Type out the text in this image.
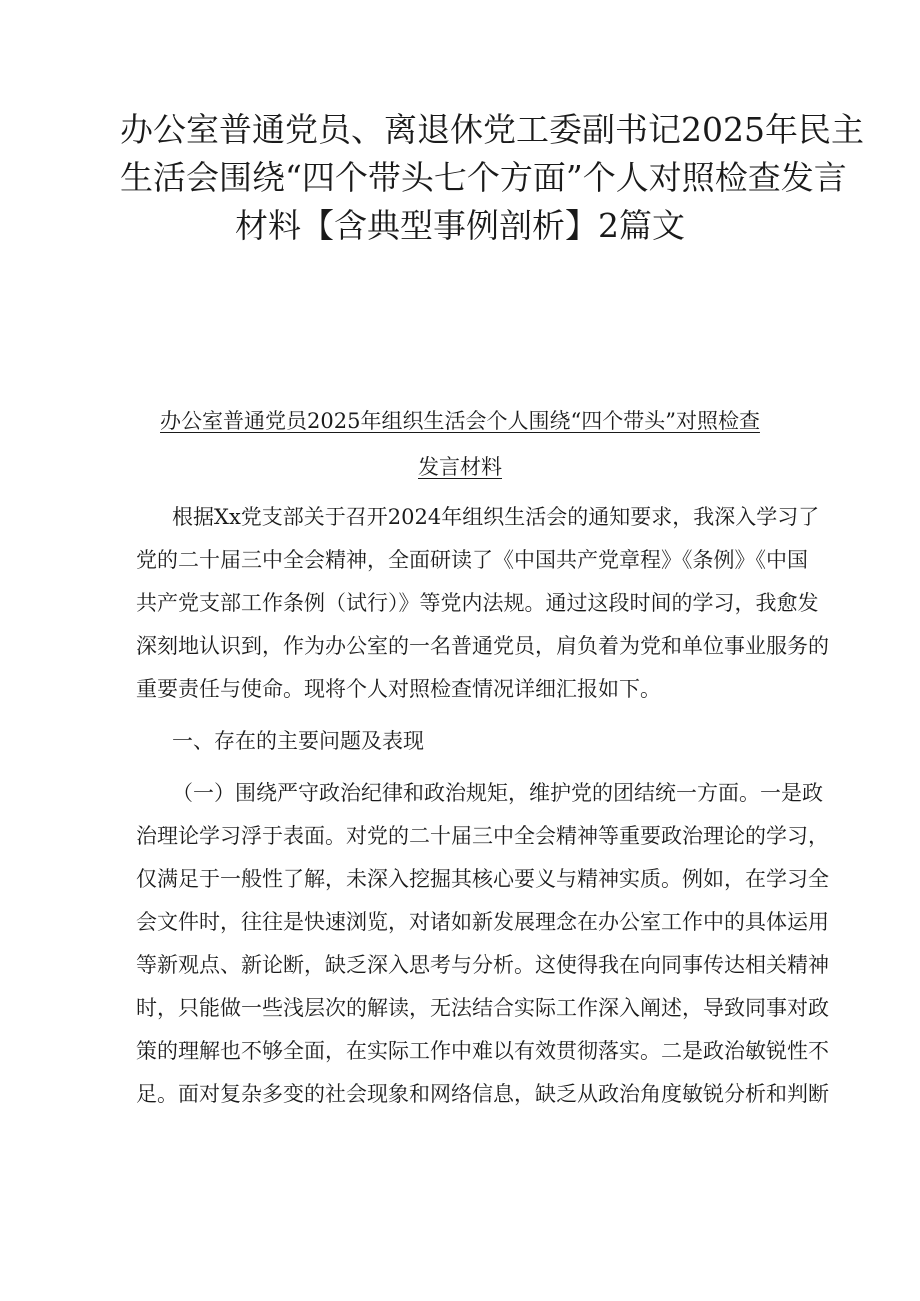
办公室普通党员、离退休党工委副书记2025年民主
生活会围绕“四个带头七个方面”个人对照检查发言
材料【含典型事例剖析】2篇文
办公室普通党员2025年组织生活会个人围绕“四个带头”对照检查
发言材料
根据Xx党支部关于召开2024年组织生活会的通知要求，我深入学习了
党的二十届三中全会精神，全面研读了《中国共产党章程》《条例》《中国
共产党支部工作条例（试行）》等党内法规。通过这段时间的学习，我愈发
深刻地认识到，作为办公室的一名普通党员，肩负着为党和单位事业服务的
重要责任与使命。现将个人对照检查情况详细汇报如下。
一、存在的主要问题及表现
（一）围绕严守政治纪律和政治规矩，维护党的团结统一方面。一是政
治理论学习浮于表面。对党的二十届三中全会精神等重要政治理论的学习，
仅满足于一般性了解，未深入挖掘其核心要义与精神实质。例如，在学习全
会文件时，往往是快速浏览，对诸如新发展理念在办公室工作中的具体运用
等新观点、新论断，缺乏深入思考与分析。这使得我在向同事传达相关精神
时，只能做一些浅层次的解读，无法结合实际工作深入阐述，导致同事对政
策的理解也不够全面，在实际工作中难以有效贯彻落实。二是政治敏锐性不
足。面对复杂多变的社会现象和网络信息，缺乏从政治角度敏锐分析和判断
